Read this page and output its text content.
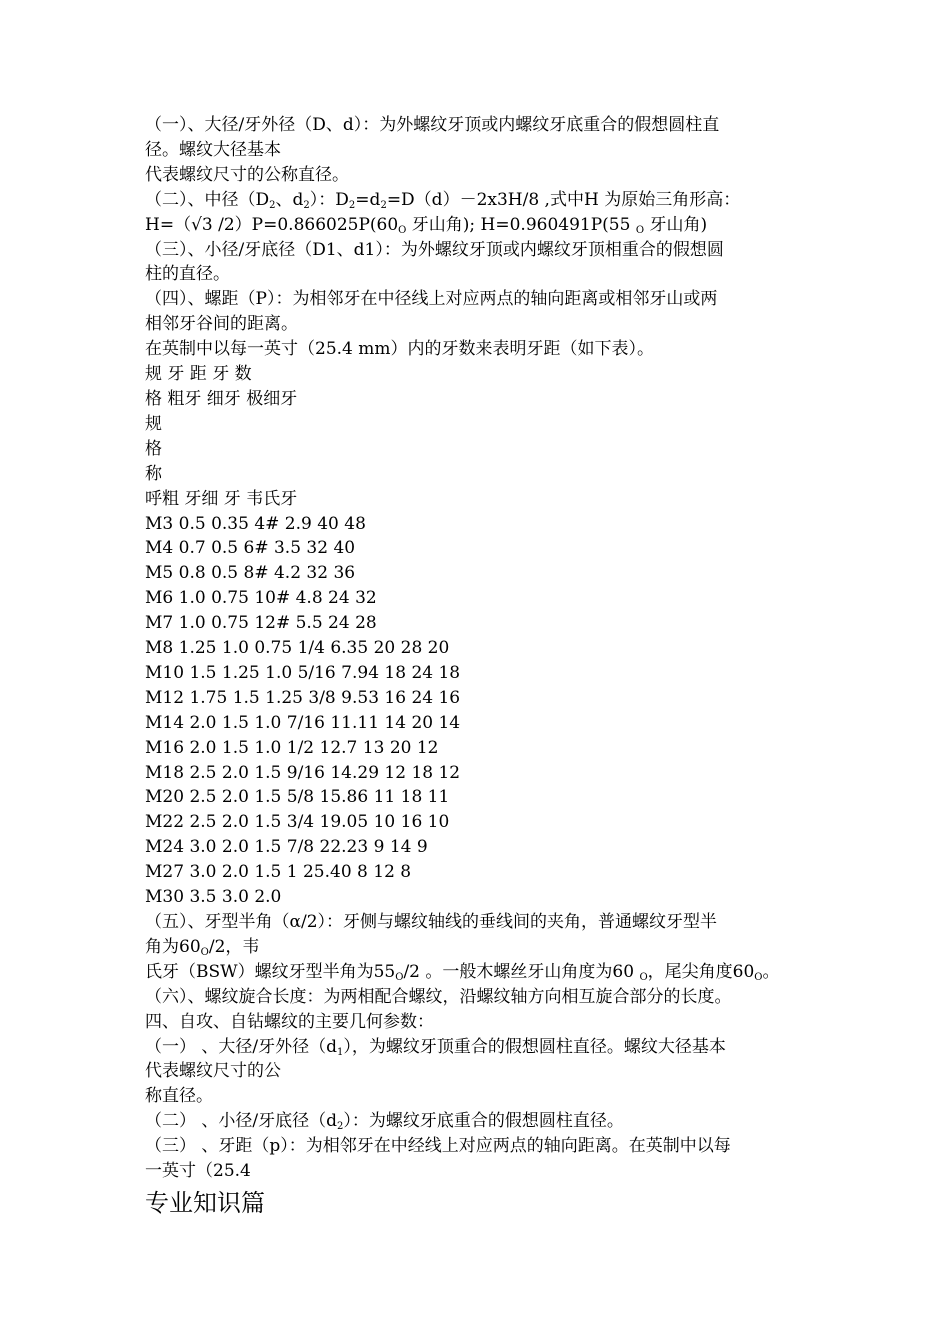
（一）、大径/牙外径（D、d）：为外螺纹牙顶或内螺纹牙底重合的假想圆柱直
径。螺纹大径基本
代表螺纹尺寸的公称直径。
（二）、中径（$D_2$、$d_2$）：$D_2=d_2=D(d)-2x3H/8$ ,式中H 为原始三角形高：
H=（√3 $/2)P=0.866025P(60_O$ 牙山角); H=0.960491P(55 $_O$ 牙山角)
（三）、小径/牙底径（D1、d1）：为外螺纹牙顶或内螺纹牙顶相重合的假想圆
柱的直径。
（四）、螺距（P）：为相邻牙在中径线上对应两点的轴向距离或相邻牙山或两
相邻牙谷间的距离。
在英制中以每一英寸（25.4 mm）内的牙数来表明牙距（如下表）。
规 牙 距 牙 数
格 粗牙 细牙 极细牙
规
格
称
呼粗 牙细 牙 韦氏牙
M3 0.5 0.35 4# 2.9 40 48
M4 0.7 0.5 6# 3.5 32 40
M5 0.8 0.5 8# 4.2 32 36
M6 1.0 0.75 10# 4.8 24 32
M7 1.0 0.75 12# 5.5 24 28
M8 1.25 1.0 0.75 1/4 6.35 20 28 20
M10 1.5 1.25 1.0 5/16 7.94 18 24 18
M12 1.75 1.5 1.25 3/8 9.53 16 24 16
M14 2.0 1.5 1.0 7/16 11.11 14 20 14
M16 2.0 1.5 1.0 1/2 12.7 13 20 12
M18 2.5 2.0 1.5 9/16 14.29 12 18 12
M20 2.5 2.0 1.5 5/8 15.86 11 18 11
M22 2.5 2.0 1.5 3/4 19.05 10 16 10
M24 3.0 2.0 1.5 7/8 22.23 9 14 9
M27 3.0 2.0 1.5 1 25.40 8 12 8
M30 3.5 3.0 2.0
（五）、牙型半角（α/2）：牙侧与螺纹轴线的垂线间的夹角，普通螺纹牙型半
角为$60_O/2$，韦
氏牙（BSW）螺纹牙型半角为$55_O/2$ 。一般木螺丝牙山角度为60 $_O$，尾尖角度$60_O$。
（六）、螺纹旋合长度：为两相配合螺纹，沿螺纹轴方向相互旋合部分的长度。
四、自攻、自钻螺纹的主要几何参数：
（一） 、大径/牙外径$(d_1)$，为螺纹牙顶重合的假想圆柱直径。螺纹大径基本
代表螺纹尺寸的公
称直径。
（二） 、小径/牙底径$(d_2)$：为螺纹牙底重合的假想圆柱直径。
（三） 、牙距（p）：为相邻牙在中经线上对应两点的轴向距离。在英制中以每
一英寸（25.4
专业知识篇
